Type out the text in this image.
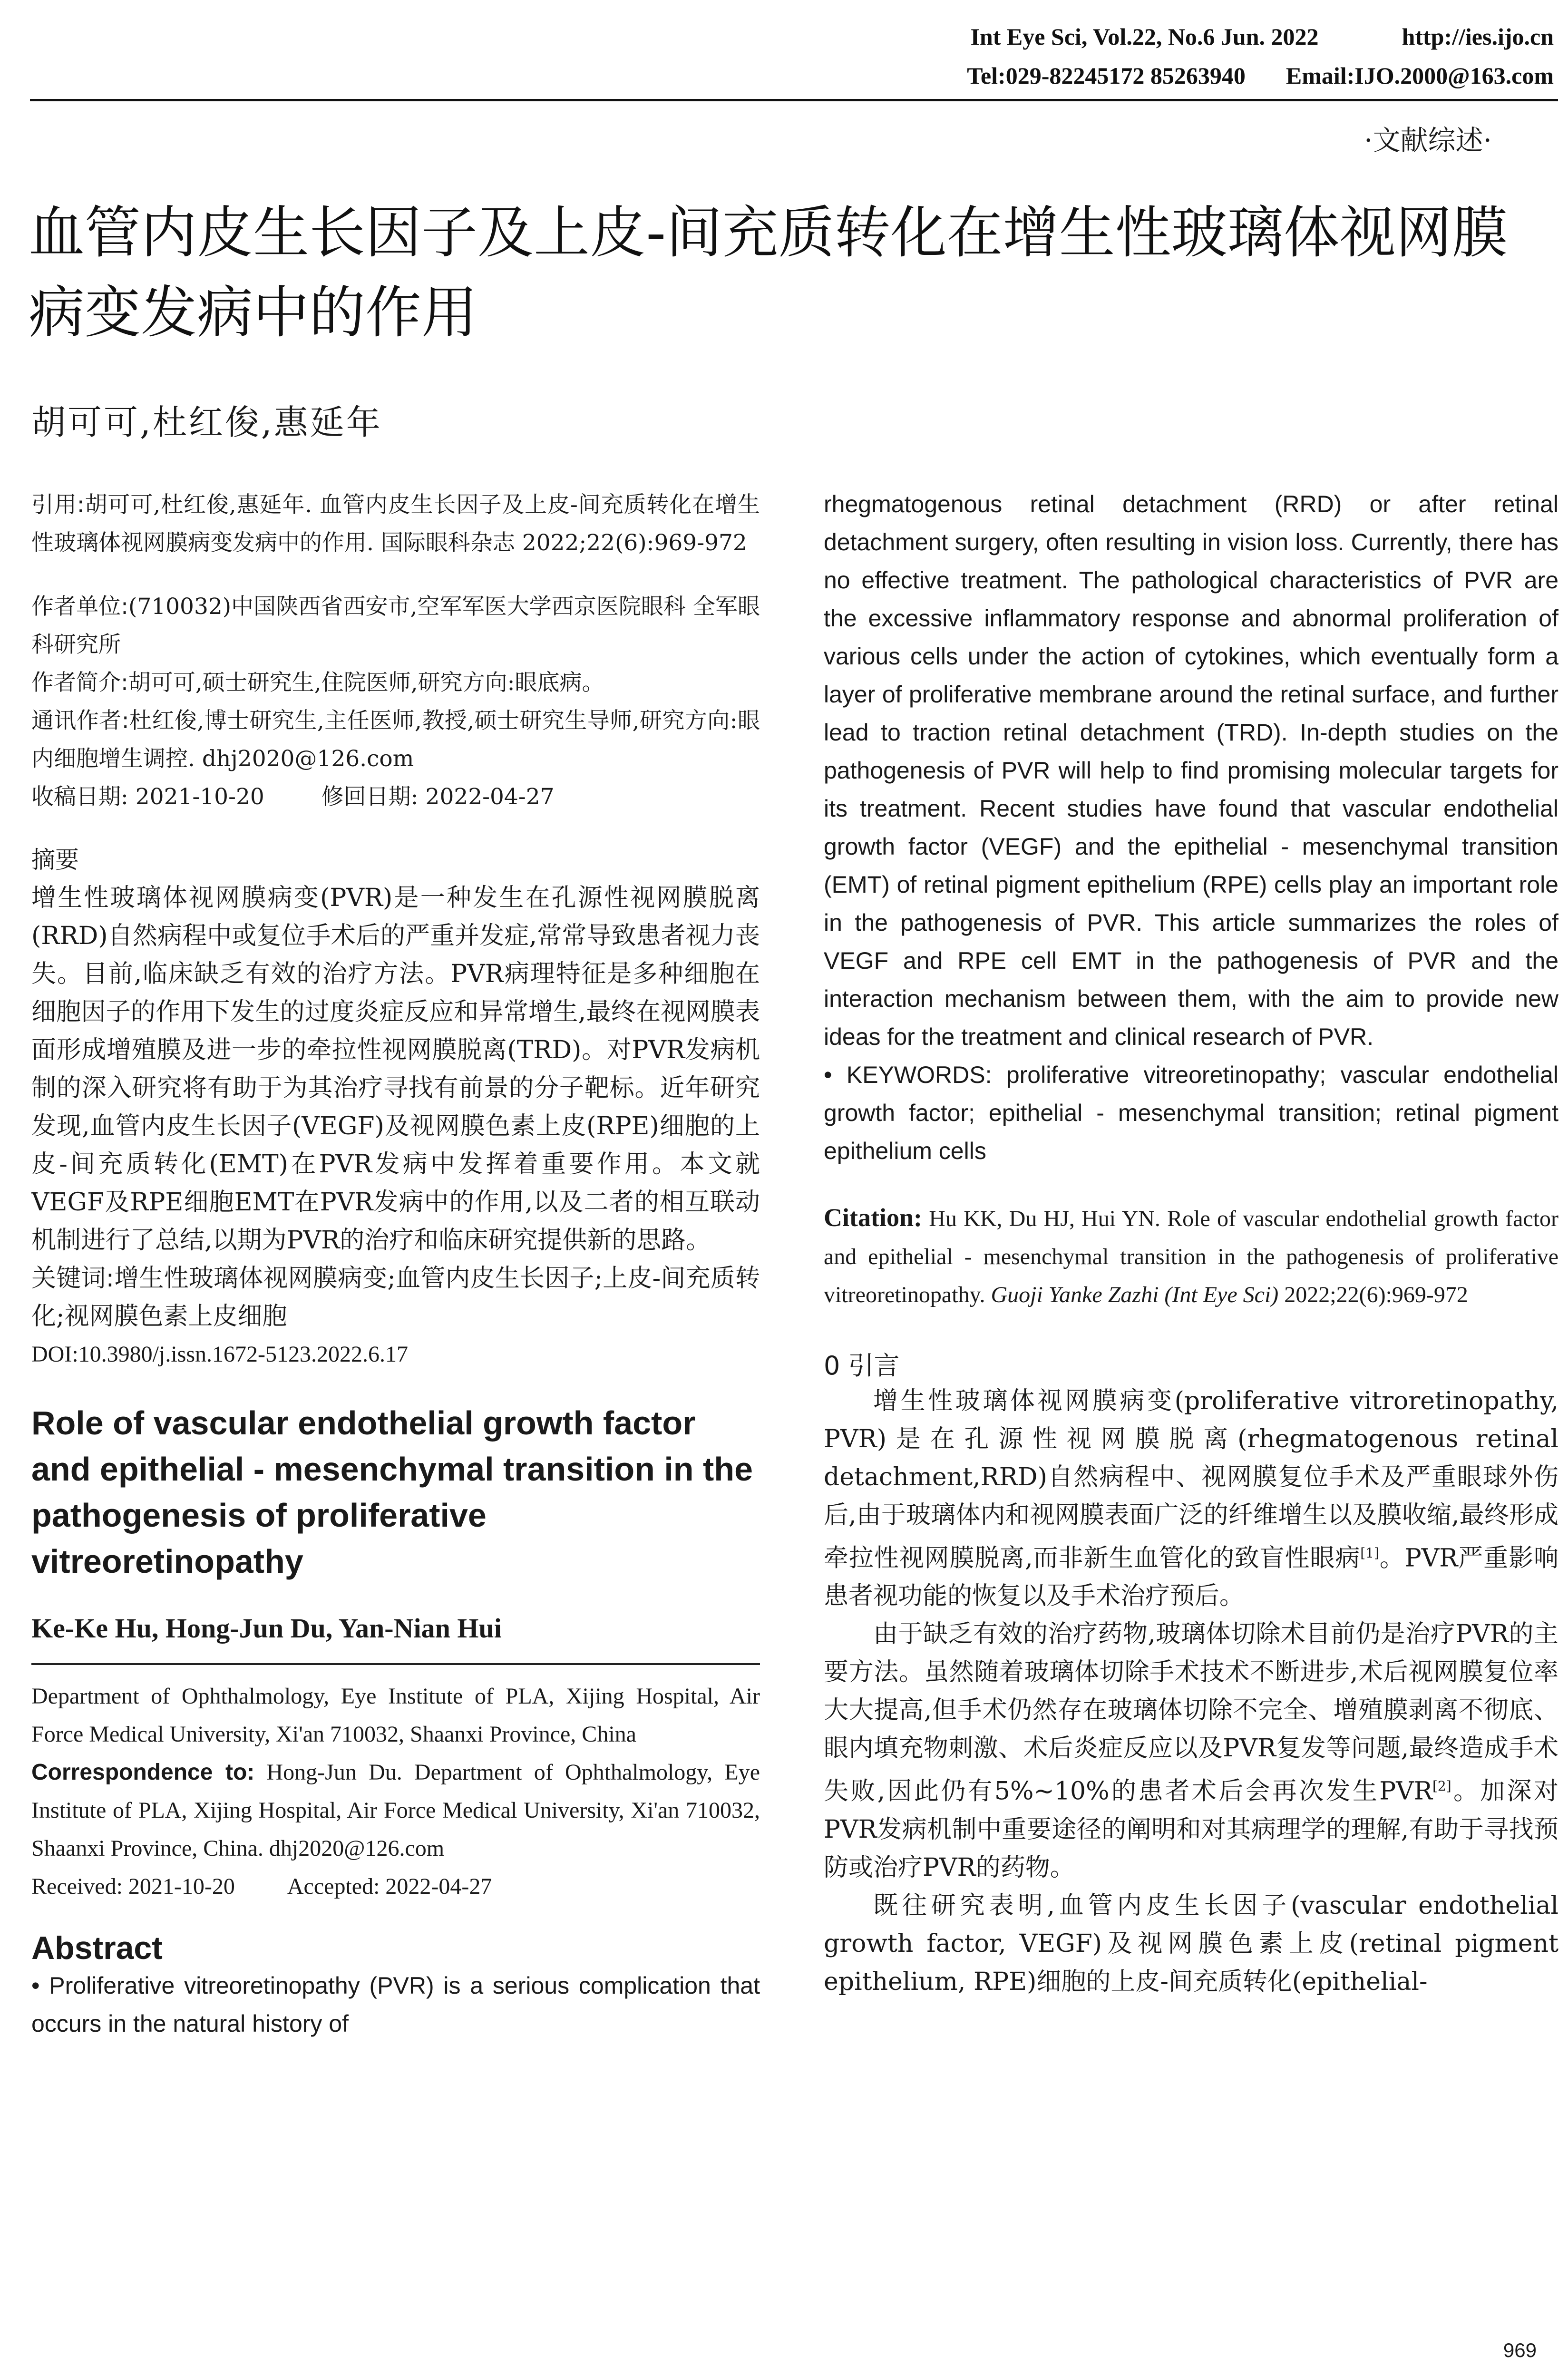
Int Eye Sci, Vol.22, No.6 Jun. 2022	http://ies.ijo.cn
Tel:029-82245172 85263940 Email:IJO.2000@163.com
·文献综述·
血管内皮生长因子及上皮-间充质转化在增生性玻璃体视网膜病变发病中的作用
胡可可,杜红俊,惠延年

引用:胡可可,杜红俊,惠延年. 血管内皮生长因子及上皮-间充质转化在增生性玻璃体视网膜病变发病中的作用. 国际眼科杂志 2022;22(6):969-972

作者单位:(710032)中国陕西省西安市,空军军医大学西京医院眼科 全军眼科研究所

作者简介:胡可可,硕士研究生,住院医师,研究方向:眼底病。

通讯作者:杜红俊,博士研究生,主任医师,教授,硕士研究生导师,研究方向:眼内细胞增生调控. dhj2020@126.com

收稿日期: 2021-10-20	修回日期: 2022-04-27

摘要

增生性玻璃体视网膜病变(PVR)是一种发生在孔源性视网膜脱离(RRD)自然病程中或复位手术后的严重并发症,常常导致患者视力丧失。目前,临床缺乏有效的治疗方法。PVR病理特征是多种细胞在细胞因子的作用下发生的过度炎症反应和异常增生,最终在视网膜表面形成增殖膜及进一步的牵拉性视网膜脱离(TRD)。对PVR发病机制的深入研究将有助于为其治疗寻找有前景的分子靶标。近年研究发现,血管内皮生长因子(VEGF)及视网膜色素上皮(RPE)细胞的上皮-间充质转化(EMT)在PVR发病中发挥着重要作用。本文就VEGF及RPE细胞EMT在PVR发病中的作用,以及二者的相互联动机制进行了总结,以期为PVR的治疗和临床研究提供新的思路。

关键词:增生性玻璃体视网膜病变;血管内皮生长因子;上皮-间充质转化;视网膜色素上皮细胞

DOI:10.3980/j.issn.1672-5123.2022.6.17

Role of vascular endothelial growth factor and epithelial - mesenchymal transition in the pathogenesis of proliferative vitreoretinopathy
Ke-Ke Hu, Hong-Jun Du, Yan-Nian Hui

Department of Ophthalmology, Eye Institute of PLA, Xijing Hospital, Air Force Medical University, Xi'an 710032, Shaanxi Province, China

Correspondence to: Hong-Jun Du. Department of Ophthalmology, Eye Institute of PLA, Xijing Hospital, Air Force Medical University, Xi'an 710032, Shaanxi Province, China. dhj2020@126.com

Received: 2021-10-20 Accepted: 2022-04-27

Abstract

• Proliferative vitreoretinopathy (PVR) is a serious complication that occurs in the natural history of

rhegmatogenous retinal detachment (RRD) or after retinal detachment surgery, often resulting in vision loss. Currently, there has no effective treatment. The pathological characteristics of PVR are the excessive inflammatory response and abnormal proliferation of various cells under the action of cytokines, which eventually form a layer of proliferative membrane around the retinal surface, and further lead to traction retinal detachment (TRD). In-depth studies on the pathogenesis of PVR will help to find promising molecular targets for its treatment. Recent studies have found that vascular endothelial growth factor (VEGF) and the epithelial - mesenchymal transition (EMT) of retinal pigment epithelium (RPE) cells play an important role in the pathogenesis of PVR. This article summarizes the roles of VEGF and RPE cell EMT in the pathogenesis of PVR and the interaction mechanism between them, with the aim to provide new ideas for the treatment and clinical research of PVR.

• KEYWORDS: proliferative vitreoretinopathy; vascular endothelial growth factor; epithelial - mesenchymal transition; retinal pigment epithelium cells

Citation: Hu KK, Du HJ, Hui YN. Role of vascular endothelial growth factor and epithelial - mesenchymal transition in the pathogenesis of proliferative vitreoretinopathy. Guoji Yanke Zazhi (Int Eye Sci) 2022;22(6):969-972

0 引言

增生性玻璃体视网膜病变(proliferative vitroretinopathy, PVR)是在孔源性视网膜脱离(rhegmatogenous retinal detachment,RRD)自然病程中、视网膜复位手术及严重眼球外伤后,由于玻璃体内和视网膜表面广泛的纤维增生以及膜收缩,最终形成牵拉性视网膜脱离,而非新生血管化的致盲性眼病[1]。PVR严重影响患者视功能的恢复以及手术治疗预后。

由于缺乏有效的治疗药物,玻璃体切除术目前仍是治疗PVR的主要方法。虽然随着玻璃体切除手术技术不断进步,术后视网膜复位率大大提高,但手术仍然存在玻璃体切除不完全、增殖膜剥离不彻底、眼内填充物刺激、术后炎症反应以及PVR复发等问题,最终造成手术失败,因此仍有5%~10%的患者术后会再次发生PVR[2]。加深对PVR发病机制中重要途径的阐明和对其病理学的理解,有助于寻找预防或治疗PVR的药物。

既往研究表明,血管内皮生长因子(vascular endothelial growth factor, VEGF)及视网膜色素上皮(retinal pigment epithelium, RPE)细胞的上皮-间充质转化(epithelial-

969
